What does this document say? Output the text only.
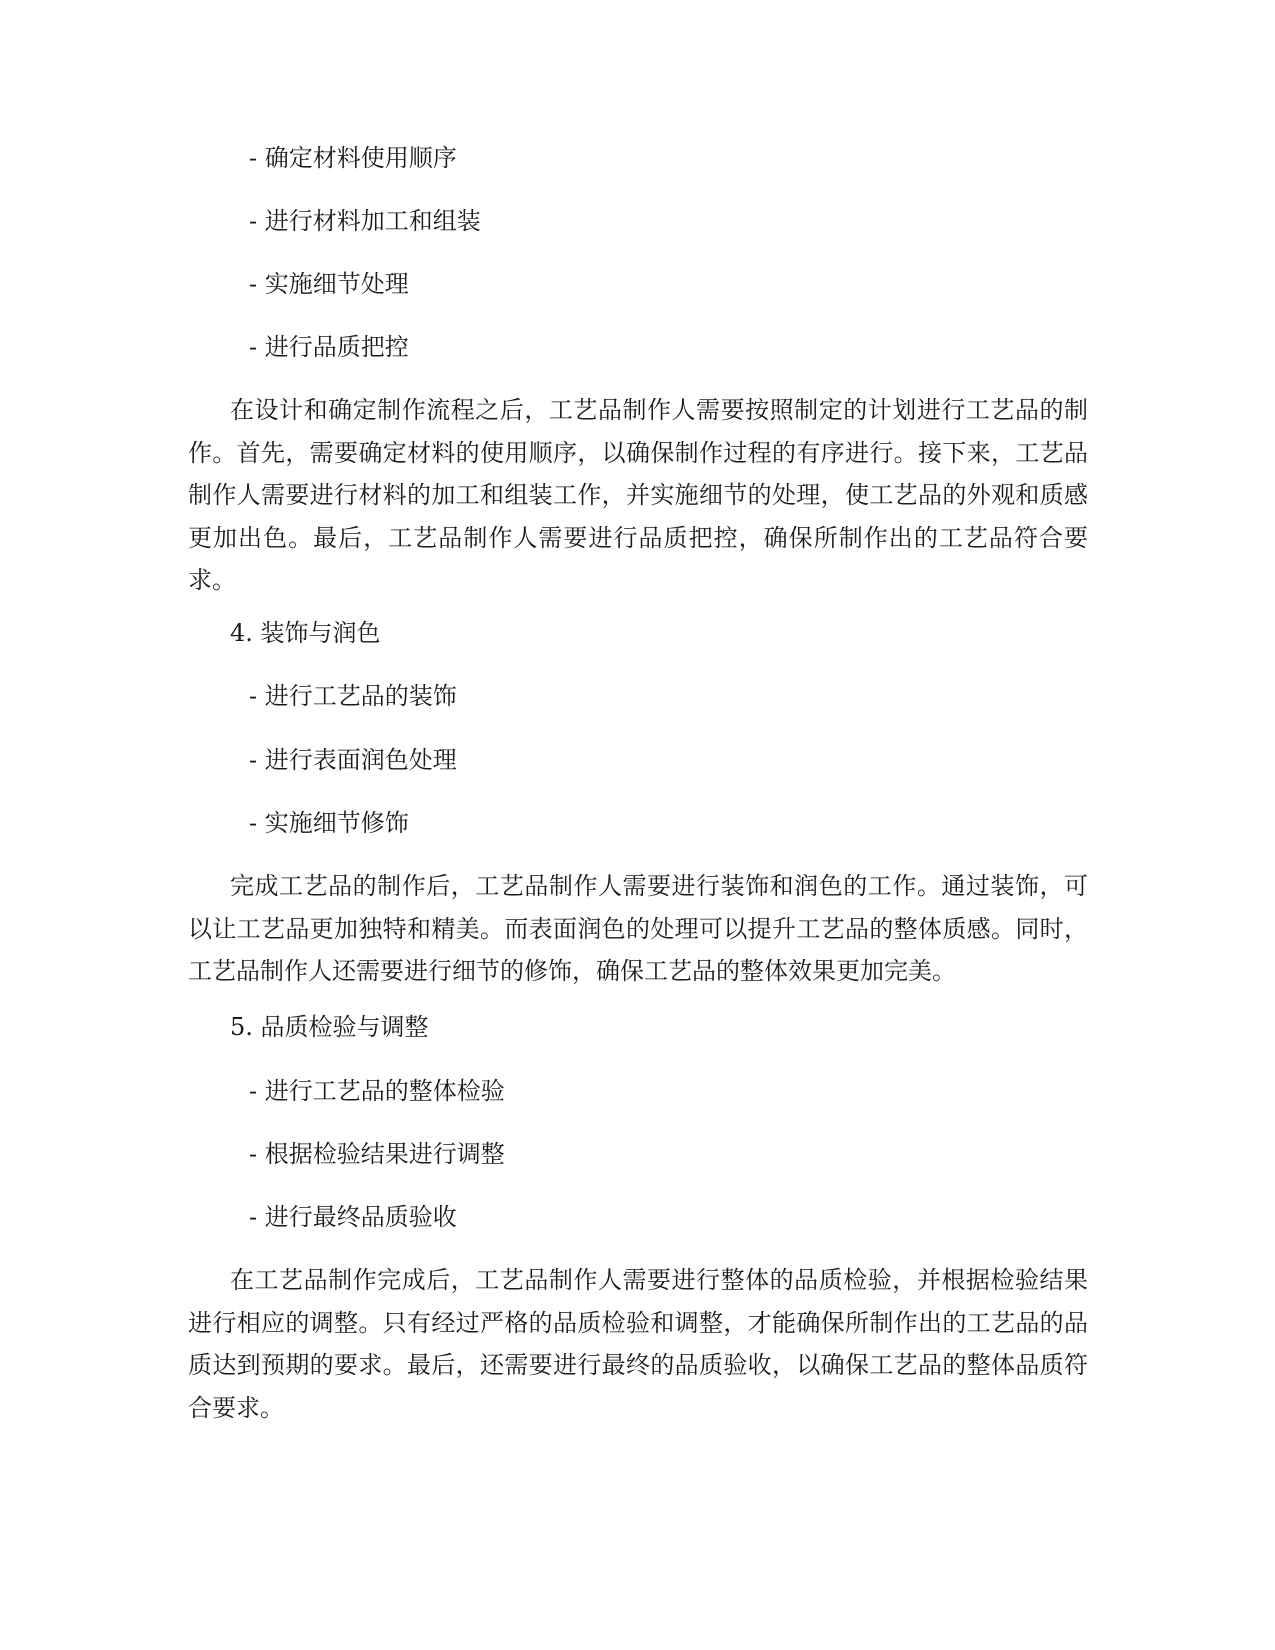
- 确定材料使用顺序

- 进行材料加工和组装

- 实施细节处理

- 进行品质把控

在设计和确定制作流程之后，工艺品制作人需要按照制定的计划进行工艺品的制作。首先，需要确定材料的使用顺序，以确保制作过程的有序进行。接下来，工艺品制作人需要进行材料的加工和组装工作，并实施细节的处理，使工艺品的外观和质感更加出色。最后，工艺品制作人需要进行品质把控，确保所制作出的工艺品符合要求。

4. 装饰与润色

- 进行工艺品的装饰

- 进行表面润色处理

- 实施细节修饰

完成工艺品的制作后，工艺品制作人需要进行装饰和润色的工作。通过装饰，可以让工艺品更加独特和精美。而表面润色的处理可以提升工艺品的整体质感。同时，工艺品制作人还需要进行细节的修饰，确保工艺品的整体效果更加完美。

5. 品质检验与调整

- 进行工艺品的整体检验

- 根据检验结果进行调整

- 进行最终品质验收

在工艺品制作完成后，工艺品制作人需要进行整体的品质检验，并根据检验结果进行相应的调整。只有经过严格的品质检验和调整，才能确保所制作出的工艺品的品质达到预期的要求。最后，还需要进行最终的品质验收，以确保工艺品的整体品质符合要求。
